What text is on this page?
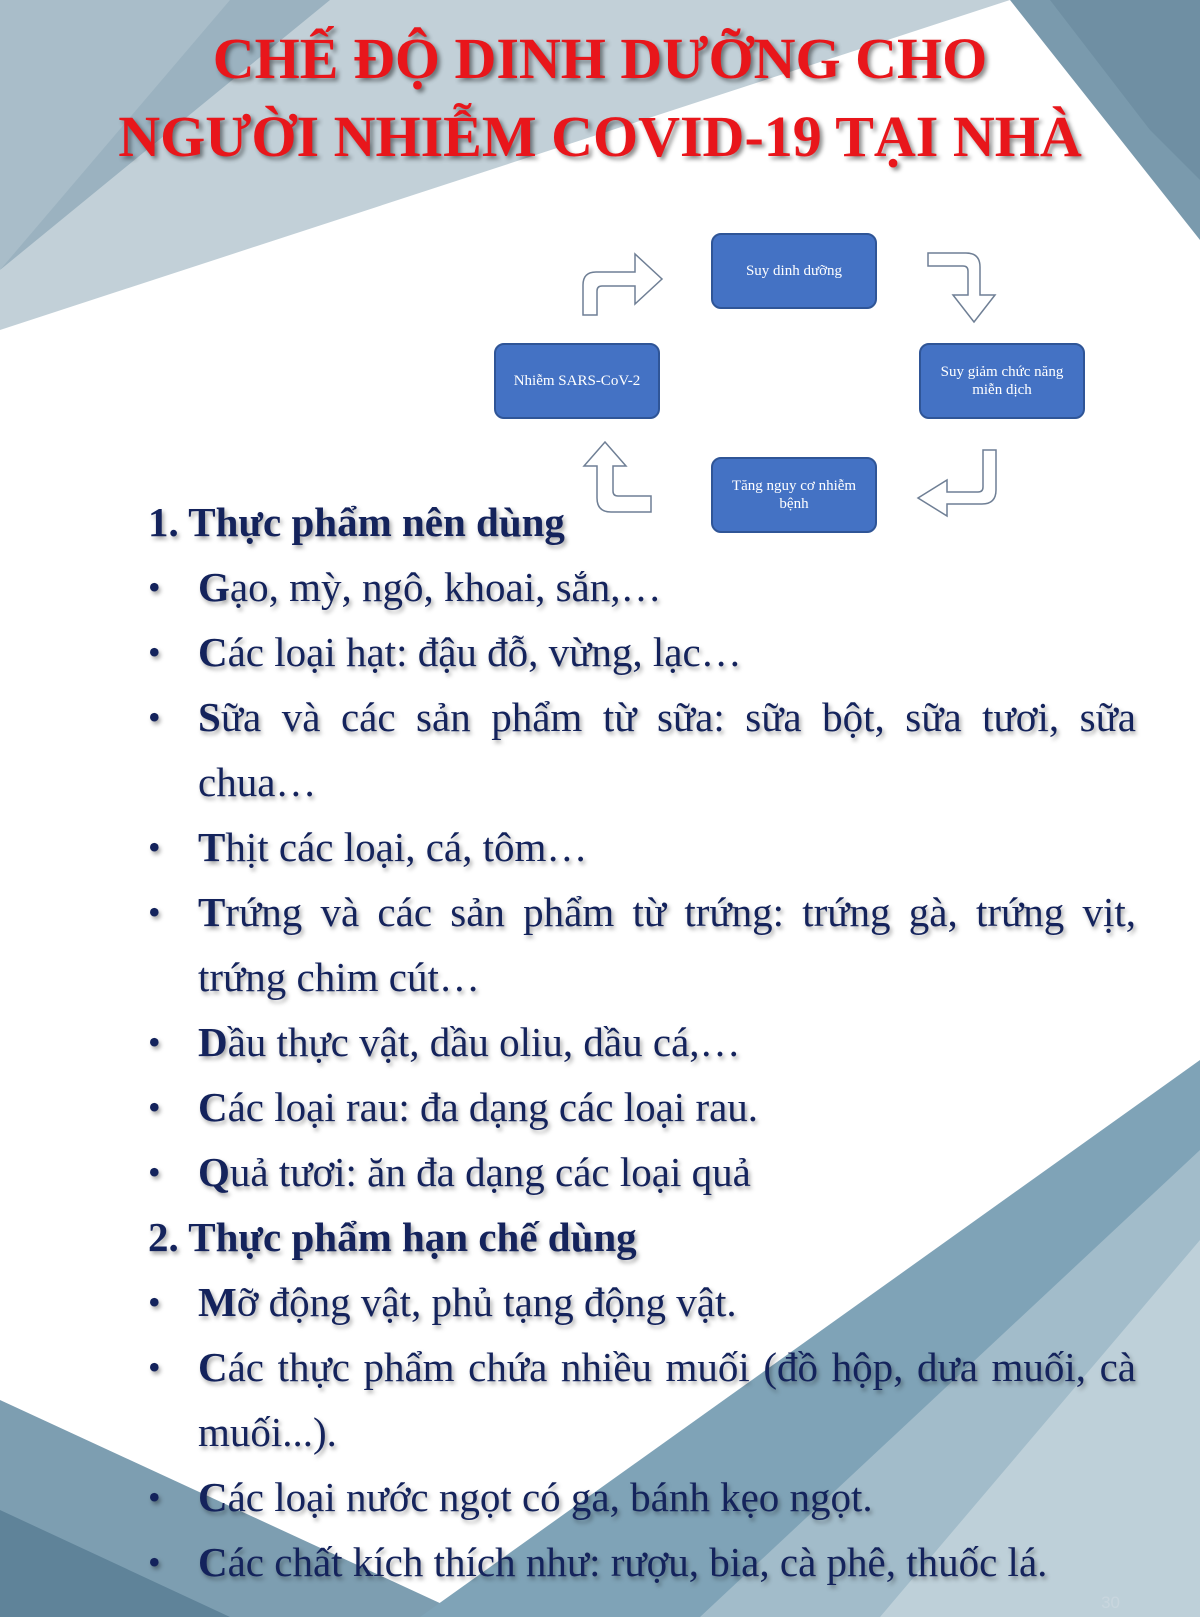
CHẾ ĐỘ DINH DƯỠNG CHO
NGƯỜI NHIỄM COVID-19 TẠI NHÀ
Suy dinh dưỡng
Suy giảm chức năng miễn dịch
Tăng nguy cơ nhiễm bệnh
Nhiễm SARS-CoV-2

1. Thực phẩm nên dùng

• Gạo, mỳ, ngô, khoai, sắn,…
• Các loại hạt: đậu đỗ, vừng, lạc…
• Sữa và các sản phẩm từ sữa: sữa bột, sữa tươi, sữa chua…
• Thịt các loại, cá, tôm…
• Trứng và các sản phẩm từ trứng: trứng gà, trứng vịt, trứng chim cút…
• Dầu thực vật, dầu oliu, dầu cá,…
• Các loại rau: đa dạng các loại rau.
• Quả tươi: ăn đa dạng các loại quả

2. Thực phẩm hạn chế dùng

• Mỡ động vật, phủ tạng động vật.
• Các thực phẩm chứa nhiều muối (đồ hộp, dưa muối, cà muối...).
• Các loại nước ngọt có ga, bánh kẹo ngọt.
• Các chất kích thích như: rượu, bia, cà phê, thuốc lá.
30
